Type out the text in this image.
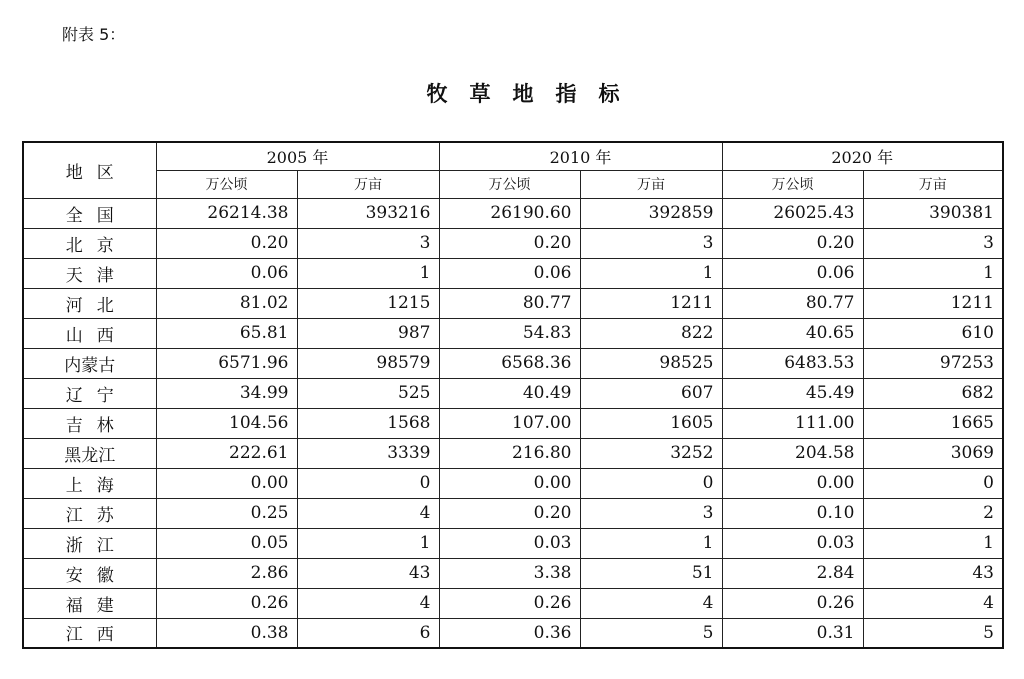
附表 5：
牧草地指标
地区	2005 年		2010 年		2020 年	
	万公顷	万亩	万公顷	万亩	万公顷	万亩
全国	26214.38	393216	26190.60	392859	26025.43	390381
北京	0.20	3	0.20	3	0.20	3
天津	0.06	1	0.06	1	0.06	1
河北	81.02	1215	80.77	1211	80.77	1211
山西	65.81	987	54.83	822	40.65	610
内蒙古	6571.96	98579	6568.36	98525	6483.53	97253
辽宁	34.99	525	40.49	607	45.49	682
吉林	104.56	1568	107.00	1605	111.00	1665
黑龙江	222.61	3339	216.80	3252	204.58	3069
上海	0.00	0	0.00	0	0.00	0
江苏	0.25	4	0.20	3	0.10	2
浙江	0.05	1	0.03	1	0.03	1
安徽	2.86	43	3.38	51	2.84	43
福建	0.26	4	0.26	4	0.26	4
江西	0.38	6	0.36	5	0.31	5
